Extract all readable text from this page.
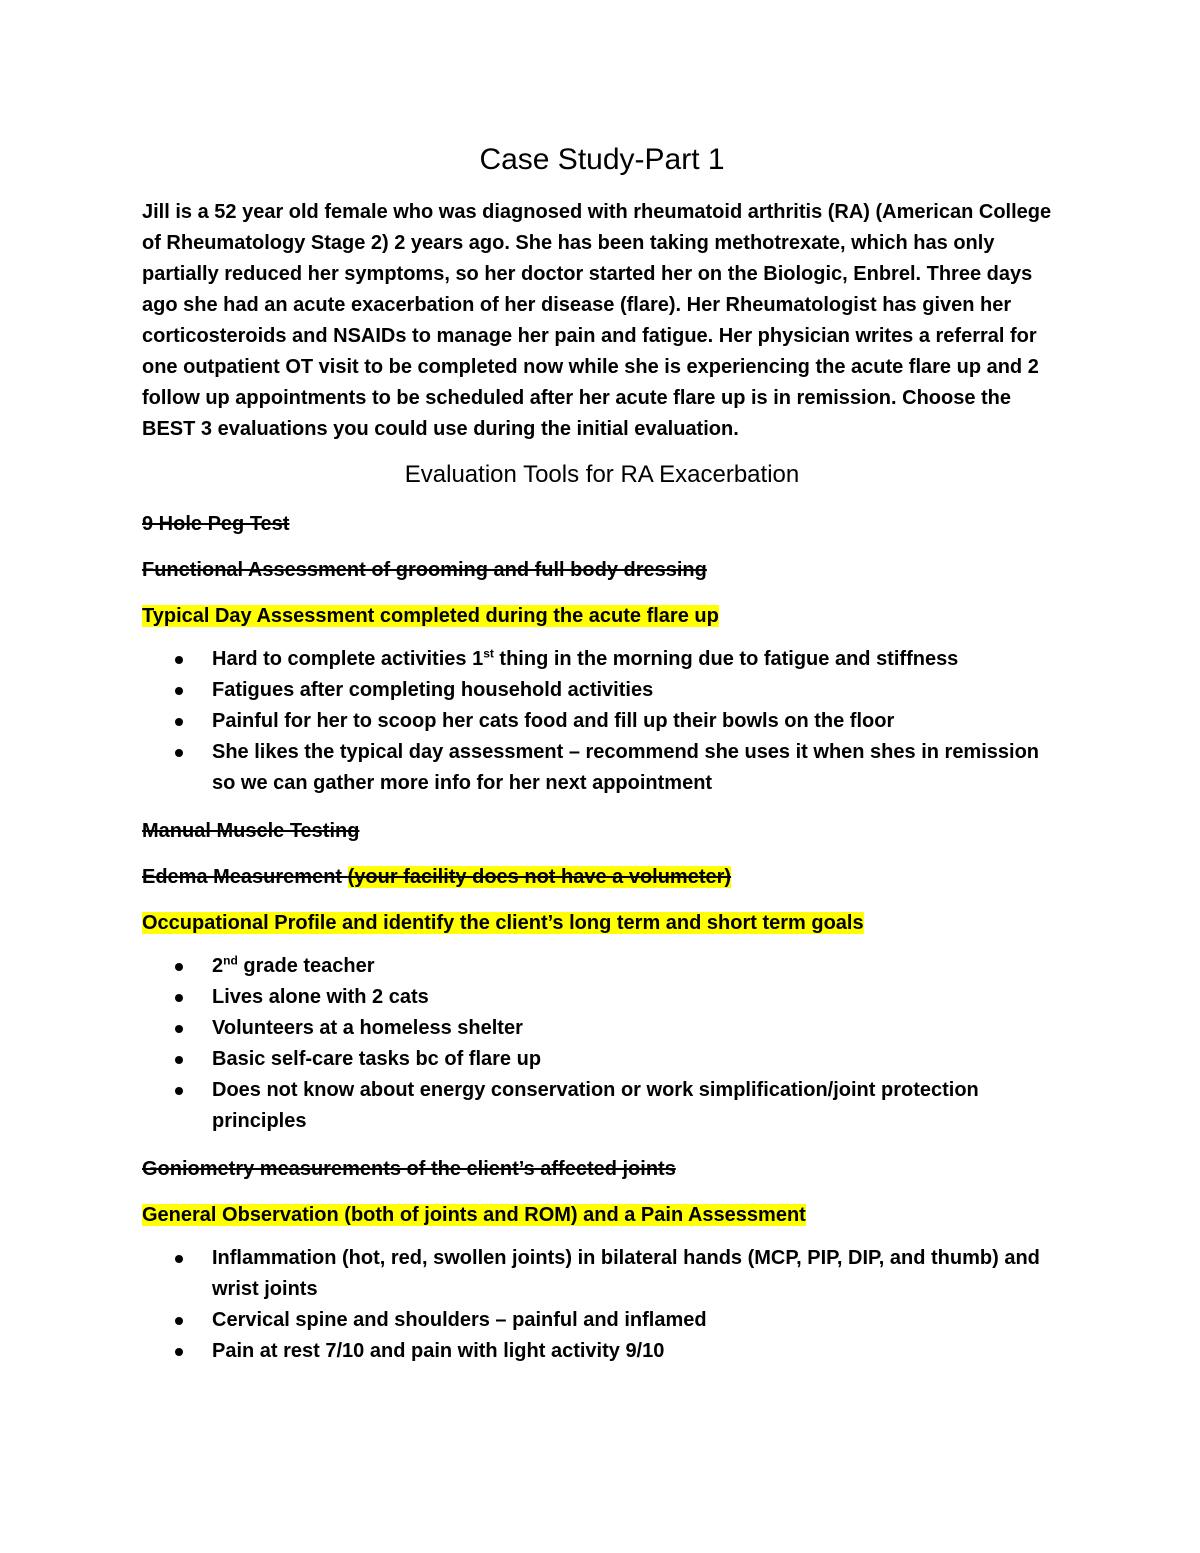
Case Study-Part 1

Jill is a 52 year old female who was diagnosed with rheumatoid arthritis (RA) (American College of Rheumatology Stage 2) 2 years ago. She has been taking methotrexate, which has only partially reduced her symptoms, so her doctor started her on the Biologic, Enbrel. Three days ago she had an acute exacerbation of her disease (flare). Her Rheumatologist has given her corticosteroids and NSAIDs to manage her pain and fatigue. Her physician writes a referral for one outpatient OT visit to be completed now while she is experiencing the acute flare up and 2 follow up appointments to be scheduled after her acute flare up is in remission. Choose the BEST 3 evaluations you could use during the initial evaluation.

Evaluation Tools for RA Exacerbation
9 Hole Peg Test
Functional Assessment of grooming and full body dressing
Typical Day Assessment completed during the acute flare up
Hard to complete activities 1st thing in the morning due to fatigue and stiffness
Fatigues after completing household activities
Painful for her to scoop her cats food and fill up their bowls on the floor
She likes the typical day assessment – recommend she uses it when shes in remission so we can gather more info for her next appointment
Manual Muscle Testing
Edema Measurement (your facility does not have a volumeter)
Occupational Profile and identify the client’s long term and short term goals
2nd grade teacher
Lives alone with 2 cats
Volunteers at a homeless shelter
Basic self-care tasks bc of flare up
Does not know about energy conservation or work simplification/joint protection principles
Goniometry measurements of the client’s affected joints
General Observation (both of joints and ROM) and a Pain Assessment
Inflammation (hot, red, swollen joints) in bilateral hands (MCP, PIP, DIP, and thumb) and wrist joints
Cervical spine and shoulders – painful and inflamed
Pain at rest 7/10 and pain with light activity 9/10
